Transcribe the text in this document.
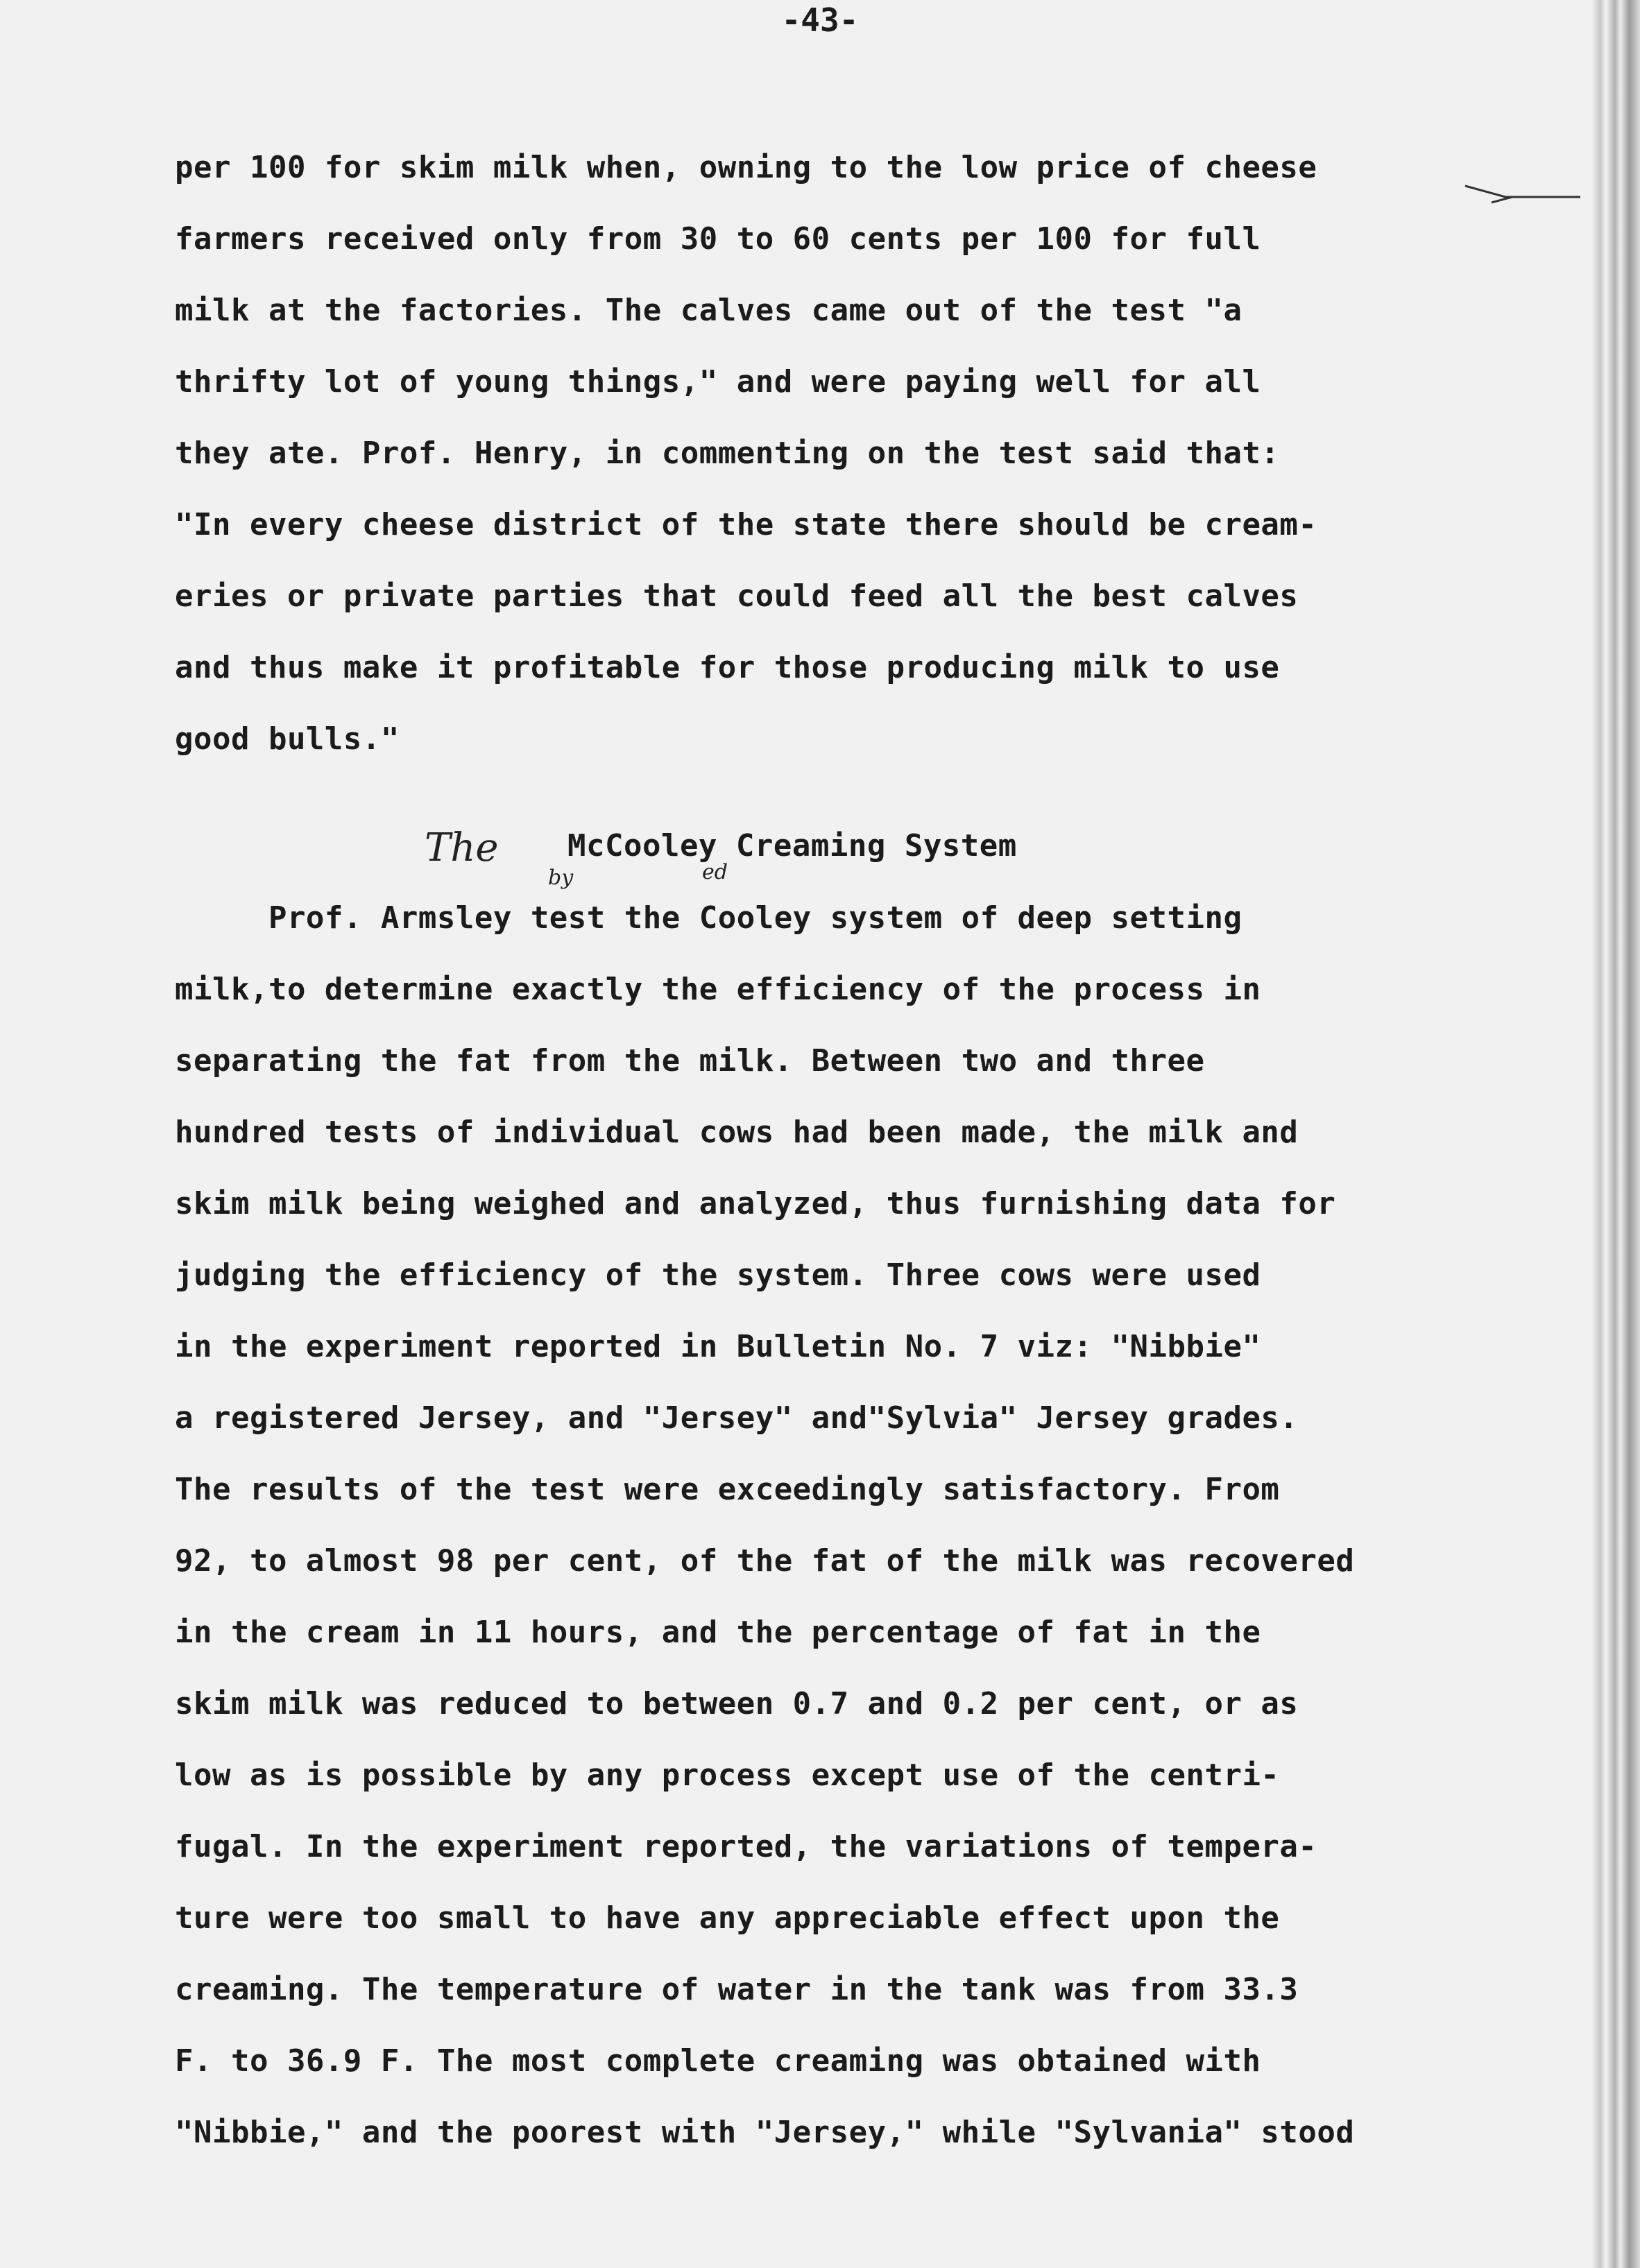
-43-
per 100 for skim milk when, owning to the low price of cheese
farmers received only from 30 to 60 cents per 100 for full
milk at the factories. The calves came out of the test "a
thrifty lot of young things," and were paying well for all
they ate. Prof. Henry, in commenting on the test said that:
"In every cheese district of the state there should be cream-
eries or private parties that could feed all the best calves
and thus make it profitable for those producing milk to use
good bulls."
The McCooley Creaming System
by	ed
Prof. Armsley test the Cooley system of deep setting
milk,to determine exactly the efficiency of the process in
separating the fat from the milk. Between two and three
hundred tests of individual cows had been made, the milk and
skim milk being weighed and analyzed, thus furnishing data for
judging the efficiency of the system. Three cows were used
in the experiment reported in Bulletin No. 7 viz: "Nibbie"
a registered Jersey, and "Jersey" and"Sylvia" Jersey grades.
The results of the test were exceedingly satisfactory. From
92, to almost 98 per cent, of the fat of the milk was recovered
in the cream in 11 hours, and the percentage of fat in the
skim milk was reduced to between 0.7 and 0.2 per cent, or as
low as is possible by any process except use of the centri-
fugal. In the experiment reported, the variations of tempera-
ture were too small to have any appreciable effect upon the
creaming. The temperature of water in the tank was from 33.3
F. to 36.9 F. The most complete creaming was obtained with
"Nibbie," and the poorest with "Jersey," while "Sylvania" stood
